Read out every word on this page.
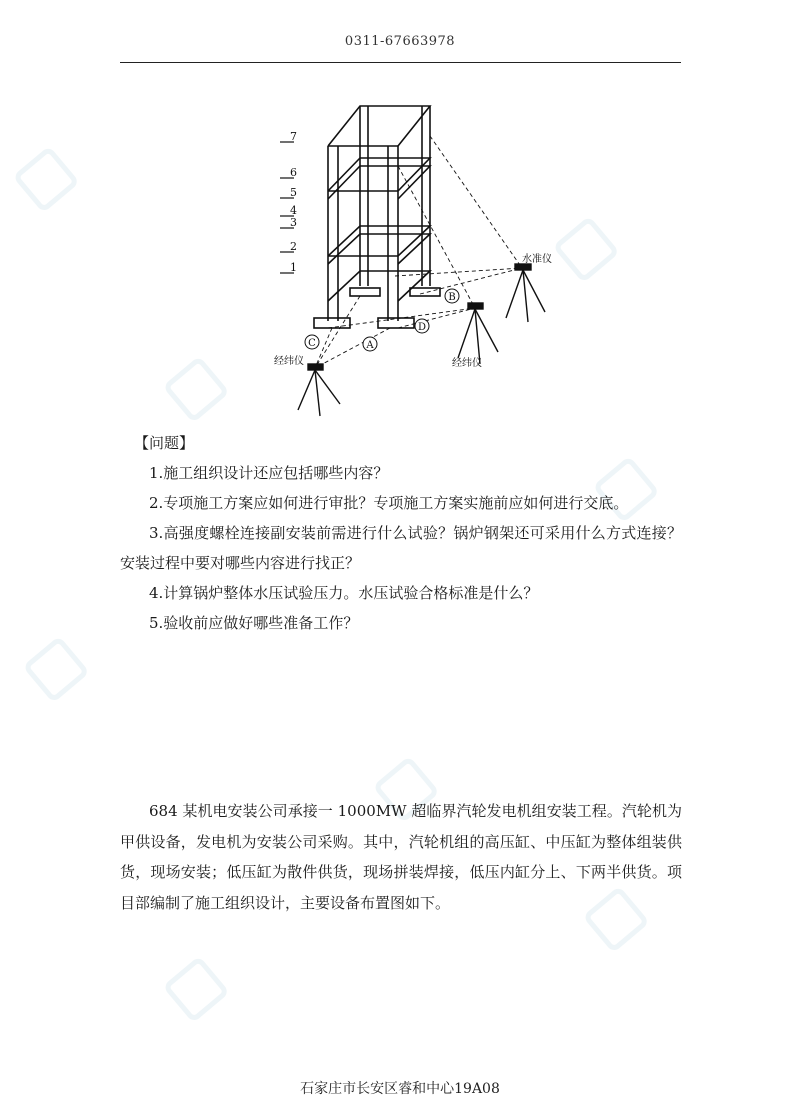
0311-67663978
7
6
5
4
3
2
1
A
B
C
D
水准仪
经纬仪	经纬仪
【问题】
1.施工组织设计还应包括哪些内容？
2.专项施工方案应如何进行审批？专项施工方案实施前应如何进行交底。
3.高强度螺栓连接副安装前需进行什么试验？锅炉钢架还可采用什么方式连接？安装过程中要对哪些内容进行找正？
4.计算锅炉整体水压试验压力。水压试验合格标准是什么？
5.验收前应做好哪些准备工作？
684 某机电安装公司承接一 1000MW 超临界汽轮发电机组安装工程。汽轮机为甲供设备，发电机为安装公司采购。其中，汽轮机组的高压缸、中压缸为整体组装供货，现场安装；低压缸为散件供货，现场拼装焊接，低压内缸分上、下两半供货。项目部编制了施工组织设计，主要设备布置图如下。
石家庄市长安区睿和中心19A08
